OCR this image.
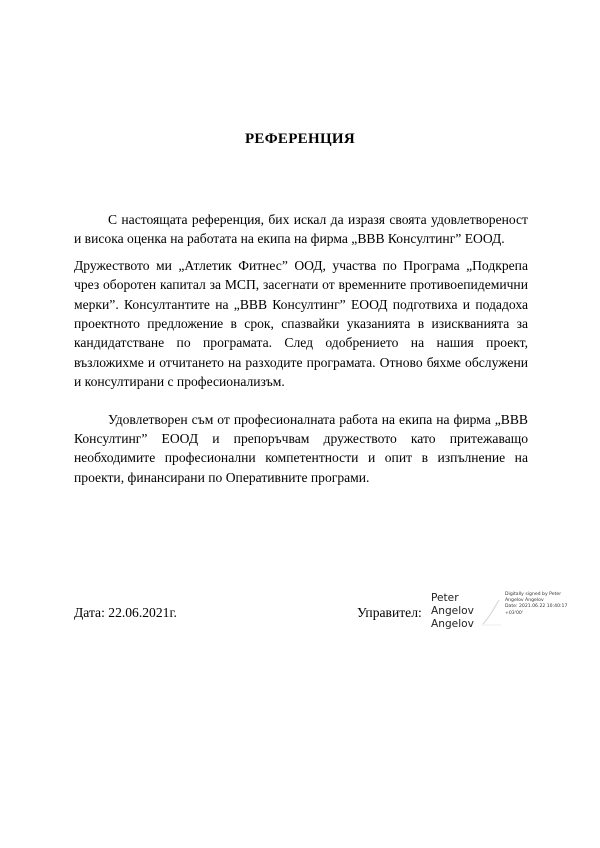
РЕФЕРЕНЦИЯ

С настоящата референция, бих искал да изразя своята удовлетвореност и висока оценка на работата на екипа на фирма „ВВВ Консултинг” ЕООД.

Дружеството ми „Атлетик Фитнес” ООД, участва по Програма „Подкрепа чрез оборотен капитал за МСП, засегнати от временните противоепидемични мерки”. Консултантите на „ВВВ Консултинг” ЕООД подготвиха и подадоха проектното предложение в срок, спазвайки указанията в изискванията за кандидатстване по програмата. След одобрението на нашия проект, възложихме и отчитането на разходите програмата. Отново бяхме обслужени и консултирани с професионализъм.

Удовлетворен съм от професионалната работа на екипа на фирма „ВВВ Консултинг” ЕООД и препоръчвам дружеството като притежаващо необходимите професионални компетентности и опит в изпълнение на проекти, финансирани по Оперативните програми.

Дата: 22.06.2021г.	Управител:
Peter Angelov
Angelov
Digitally signed by Peter
Angelov Angelov
Date: 2021.06.22 10:40:17
+03'00'
